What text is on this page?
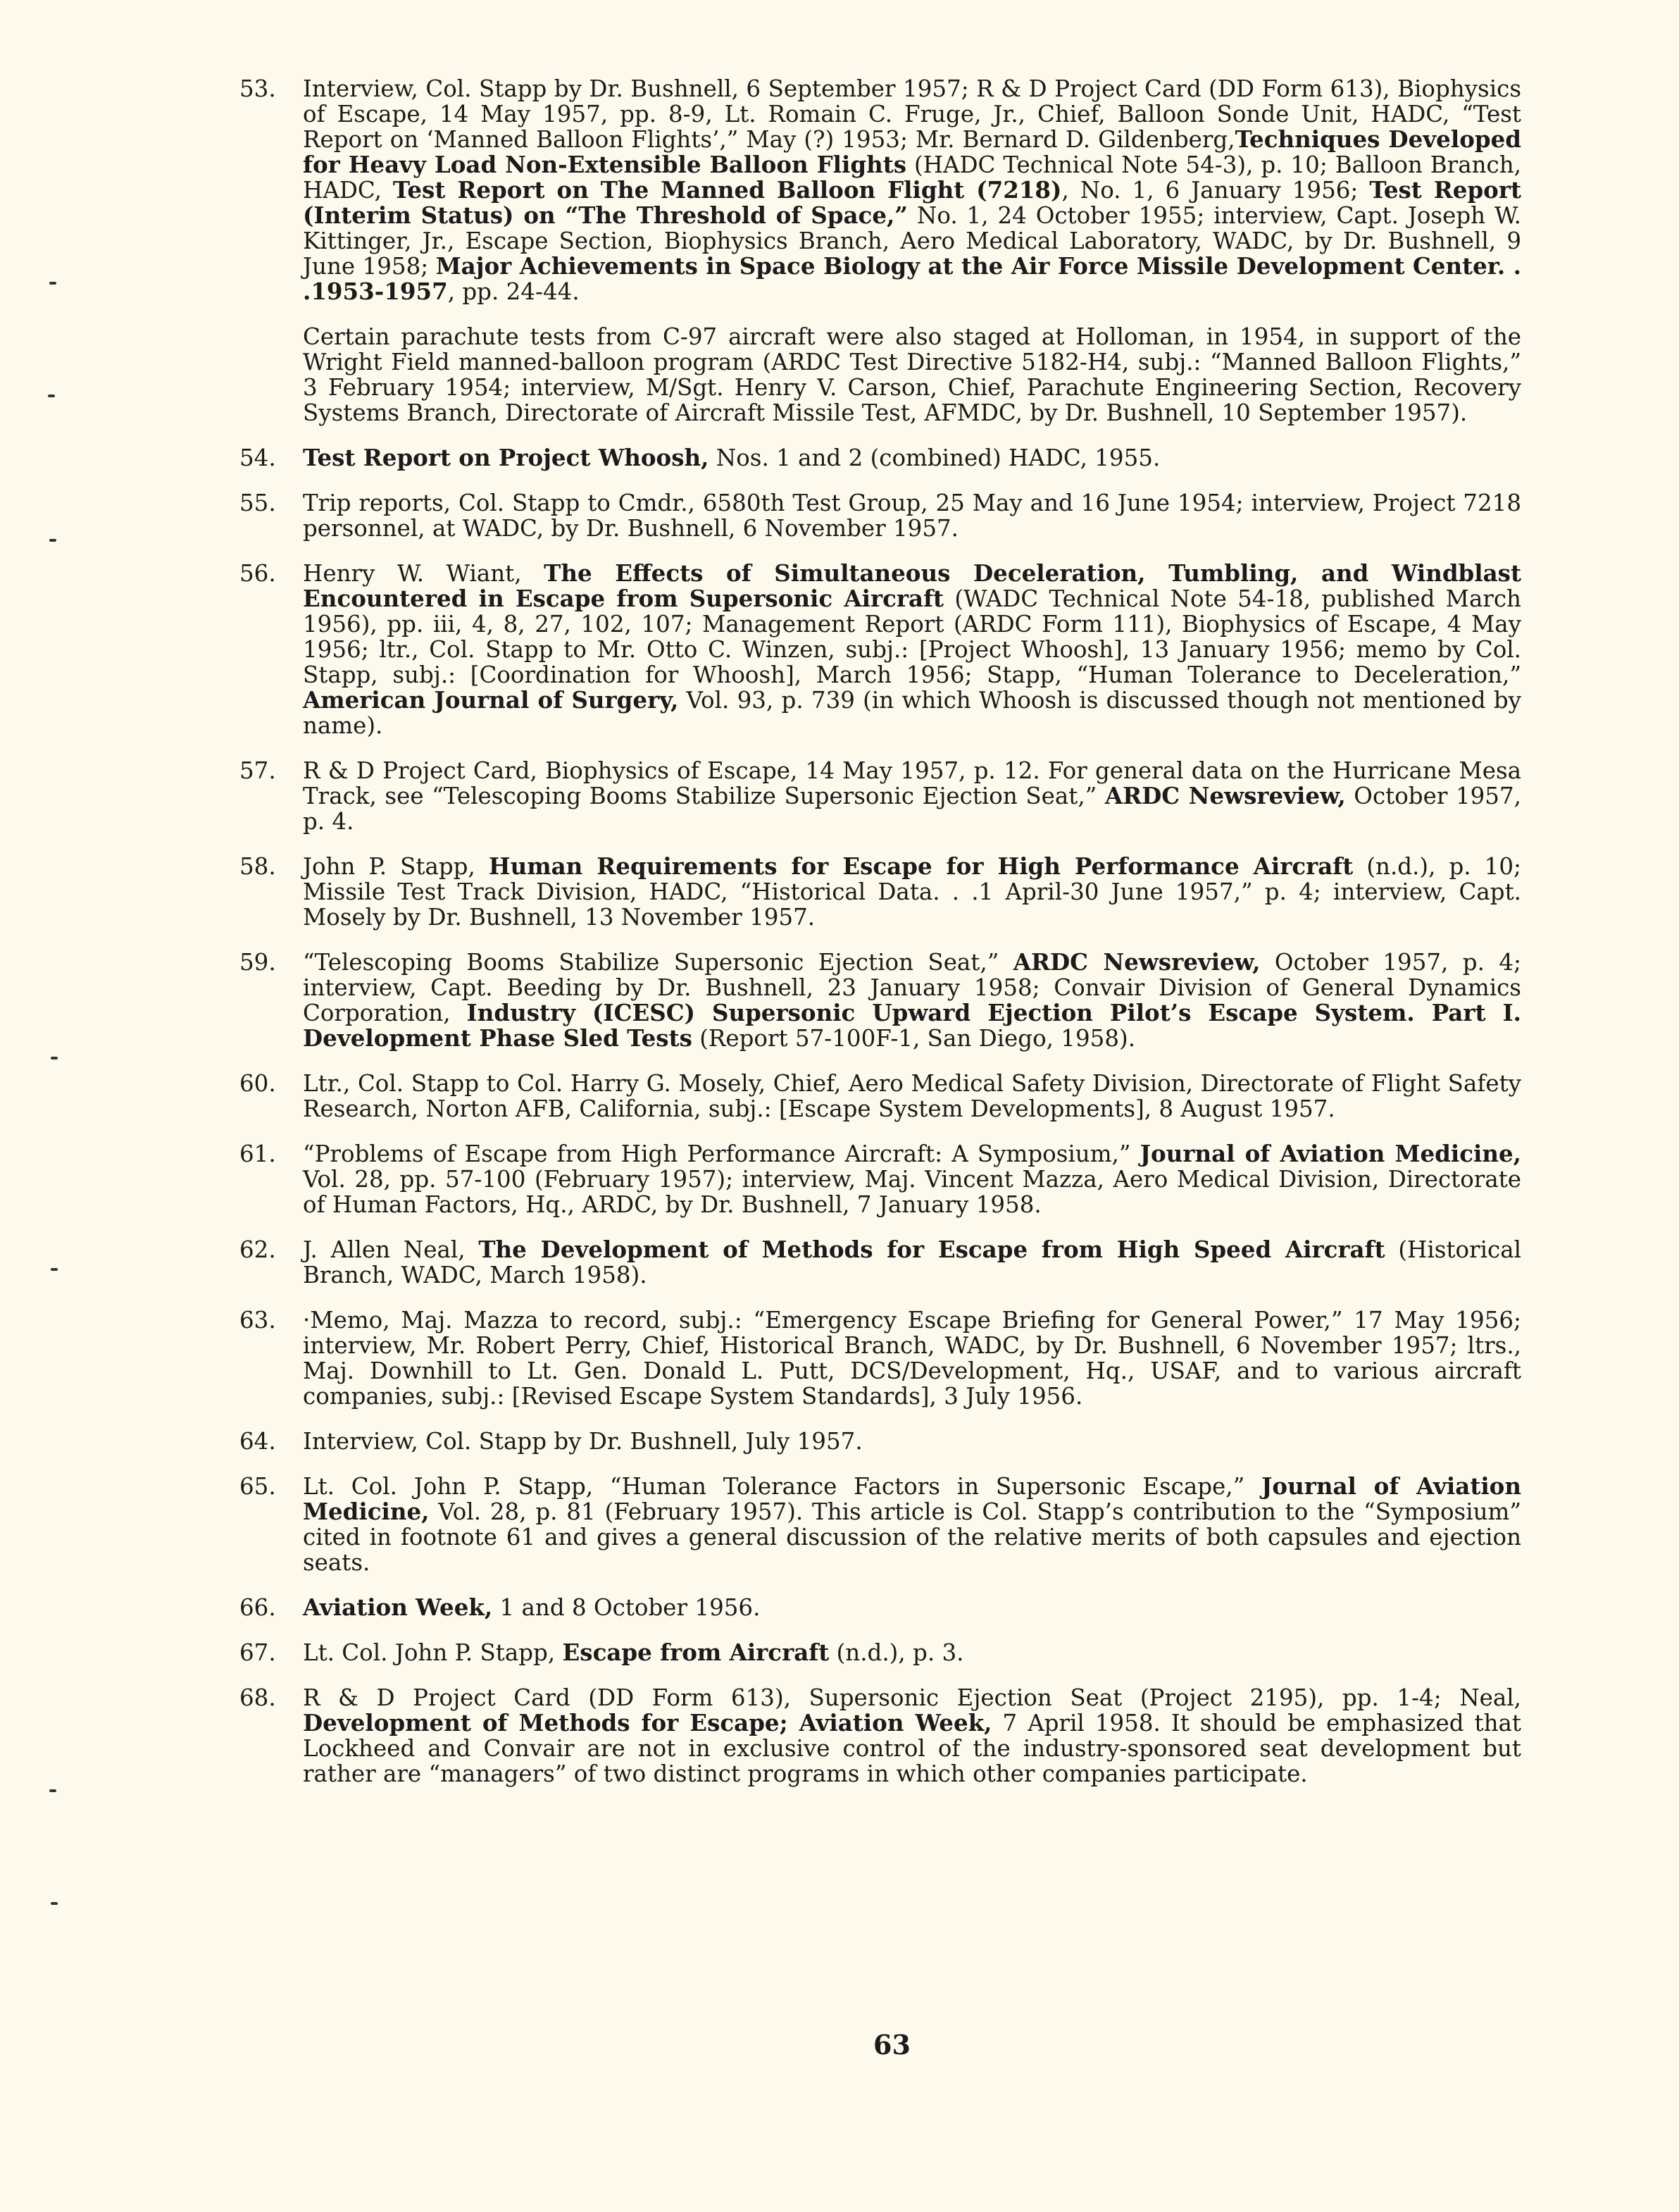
53.	Interview, Col. Stapp by Dr. Bushnell, 6 September 1957; R & D Project Card (DD Form 613), Biophysics of Escape, 14 May 1957, pp. 8-9, Lt. Romain C. Fruge, Jr., Chief, Balloon Sonde Unit, HADC, “Test Report on ‘Manned Balloon Flights’,” May (?) 1953; Mr. Bernard D. Gildenberg,Techniques Developed for Heavy Load Non-Extensible Balloon Flights (HADC Technical Note 54-3), p. 10; Balloon Branch, HADC, Test Report on The Manned Balloon Flight (7218), No. 1, 6 January 1956; Test Report (Interim Status) on “The Threshold of Space,” No. 1, 24 October 1955; interview, Capt. Joseph W. Kittinger, Jr., Escape Section, Biophysics Branch, Aero Medical Laboratory, WADC, by Dr. Bushnell, 9 June 1958; Major Achievements in Space Biology at the Air Force Missile Development Center. . .1953-1957, pp. 24-44.
Certain parachute tests from C-97 aircraft were also staged at Holloman, in 1954, in support of the Wright Field manned-balloon program (ARDC Test Directive 5182-H4, subj.: “Manned Balloon Flights,” 3 February 1954; interview, M/Sgt. Henry V. Carson, Chief, Parachute Engineering Section, Recovery Systems Branch, Directorate of Aircraft Missile Test, AFMDC, by Dr. Bushnell, 10 September 1957).
54.	Test Report on Project Whoosh, Nos. 1 and 2 (combined) HADC, 1955.
55.	Trip reports, Col. Stapp to Cmdr., 6580th Test Group, 25 May and 16 June 1954; interview, Project 7218 personnel, at WADC, by Dr. Bushnell, 6 November 1957.
56.	Henry W. Wiant, The Effects of Simultaneous Deceleration, Tumbling, and Windblast Encountered in Escape from Supersonic Aircraft (WADC Technical Note 54-18, published March 1956), pp. iii, 4, 8, 27, 102, 107; Management Report (ARDC Form 111), Biophysics of Escape, 4 May 1956; ltr., Col. Stapp to Mr. Otto C. Winzen, subj.: [Project Whoosh], 13 January 1956; memo by Col. Stapp, subj.: [Coordination for Whoosh], March 1956; Stapp, “Human Tolerance to Deceleration,” American Journal of Surgery, Vol. 93, p. 739 (in which Whoosh is discussed though not mentioned by name).
57.	R & D Project Card, Biophysics of Escape, 14 May 1957, p. 12. For general data on the Hurricane Mesa Track, see “Telescoping Booms Stabilize Supersonic Ejection Seat,” ARDC Newsreview, October 1957, p. 4.
58.	John P. Stapp, Human Requirements for Escape for High Performance Aircraft (n.d.), p. 10; Missile Test Track Division, HADC, “Historical Data. . .1 April-30 June 1957,” p. 4; interview, Capt. Mosely by Dr. Bushnell, 13 November 1957.
59.	“Telescoping Booms Stabilize Supersonic Ejection Seat,” ARDC Newsreview, October 1957, p. 4; interview, Capt. Beeding by Dr. Bushnell, 23 January 1958; Convair Division of General Dynamics Corporation, Industry (ICESC) Supersonic Upward Ejection Pilot’s Escape System. Part I. Development Phase Sled Tests (Report 57-100F-1, San Diego, 1958).
60.	Ltr., Col. Stapp to Col. Harry G. Mosely, Chief, Aero Medical Safety Division, Directorate of Flight Safety Research, Norton AFB, California, subj.: [Escape System Developments], 8 August 1957.
61.	“Problems of Escape from High Performance Aircraft: A Symposium,” Journal of Aviation Medicine, Vol. 28, pp. 57-100 (February 1957); interview, Maj. Vincent Mazza, Aero Medical Division, Directorate of Human Factors, Hq., ARDC, by Dr. Bushnell, 7 January 1958.
62.	J. Allen Neal, The Development of Methods for Escape from High Speed Aircraft (Historical Branch, WADC, March 1958).
63.	·Memo, Maj. Mazza to record, subj.: “Emergency Escape Briefing for General Power,” 17 May 1956; interview, Mr. Robert Perry, Chief, Historical Branch, WADC, by Dr. Bushnell, 6 November 1957; ltrs., Maj. Downhill to Lt. Gen. Donald L. Putt, DCS/Development, Hq., USAF, and to various aircraft companies, subj.: [Revised Escape System Standards], 3 July 1956.
64.	Interview, Col. Stapp by Dr. Bushnell, July 1957.
65.	Lt. Col. John P. Stapp, “Human Tolerance Factors in Supersonic Escape,” Journal of Aviation Medicine, Vol. 28, p. 81 (February 1957). This article is Col. Stapp’s contribution to the “Symposium” cited in footnote 61 and gives a general discussion of the relative merits of both capsules and ejection seats.
66.	Aviation Week, 1 and 8 October 1956.
67.	Lt. Col. John P. Stapp, Escape from Aircraft (n.d.), p. 3.
68.	R & D Project Card (DD Form 613), Supersonic Ejection Seat (Project 2195), pp. 1-4; Neal, Development of Methods for Escape; Aviation Week, 7 April 1958. It should be emphasized that Lockheed and Convair are not in exclusive control of the industry-sponsored seat development but rather are “managers” of two distinct programs in which other companies participate.
63
